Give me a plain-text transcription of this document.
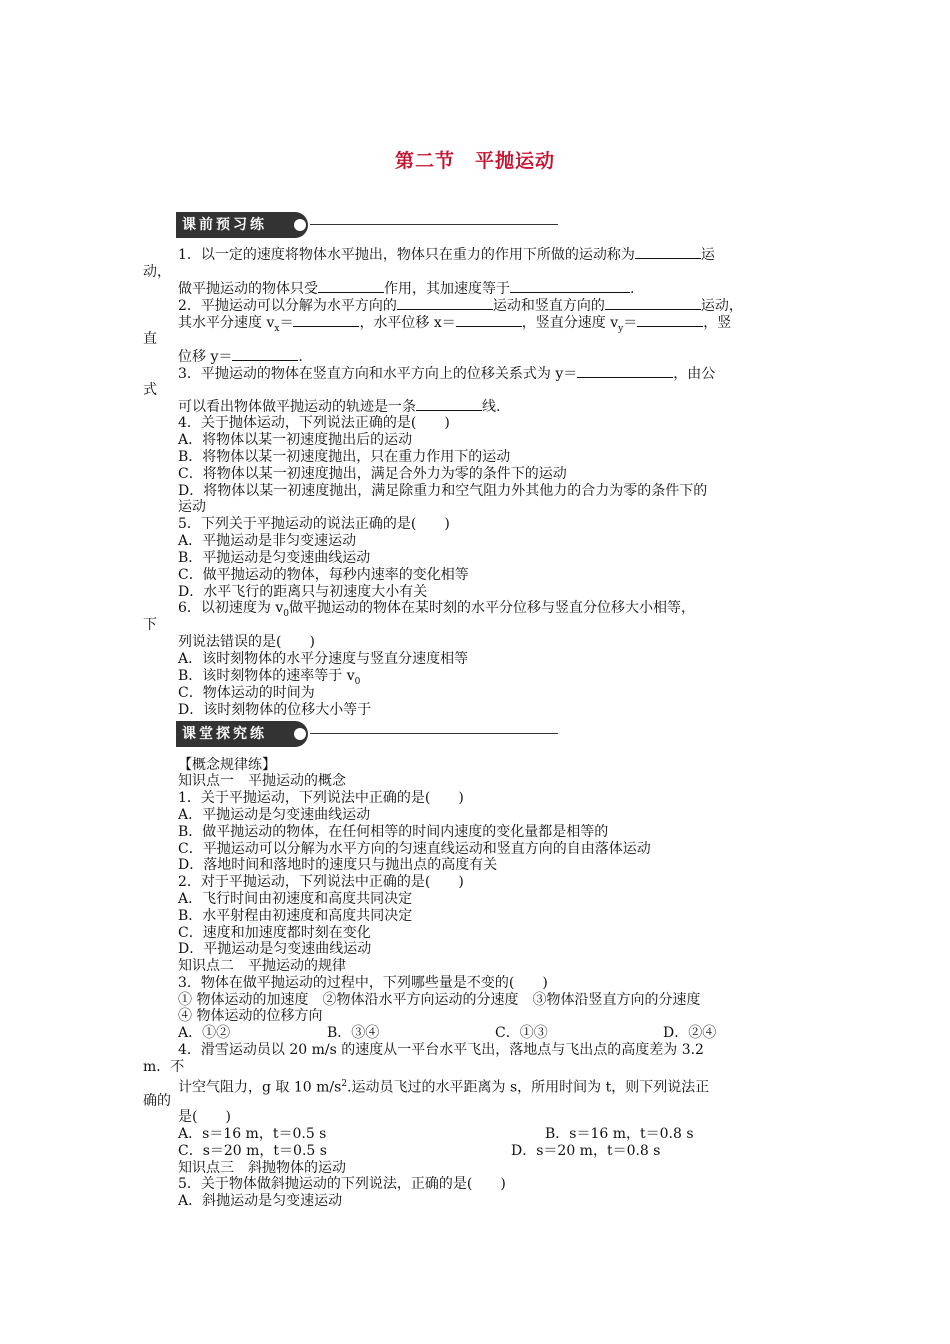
第二节　平抛运动
课前预习练
1．以一定的速度将物体水平抛出，物体只在重力的作用下所做的运动称为	运
动，
做平抛运动的物体只受	作用，其加速度等于	.
2．平抛运动可以分解为水平方向的	运动和竖直方向的	运动，
其水平分速度 $v_x=$	，水平位移 x＝	，竖直分速度 $v_y=$	，竖
直
位移 y＝	.
3．平抛运动的物体在竖直方向和水平方向上的位移关系式为 y＝	，由公
式
可以看出物体做平抛运动的轨迹是一条	线.
4．关于抛体运动，下列说法正确的是(　　)
A．将物体以某一初速度抛出后的运动
B．将物体以某一初速度抛出，只在重力作用下的运动
C．将物体以某一初速度抛出，满足合外力为零的条件下的运动
D．将物体以某一初速度抛出，满足除重力和空气阻力外其他力的合力为零的条件下的
运动
5．下列关于平抛运动的说法正确的是(　　)
A．平抛运动是非匀变速运动
B．平抛运动是匀变速曲线运动
C．做平抛运动的物体，每秒内速率的变化相等
D．水平飞行的距离只与初速度大小有关
6．以初速度为 $v_0$做平抛运动的物体在某时刻的水平分位移与竖直分位移大小相等，
下
列说法错误的是(　　)
A．该时刻物体的水平分速度与竖直分速度相等
B．该时刻物体的速率等于 $v_0$
C．物体运动的时间为
D．该时刻物体的位移大小等于
课堂探究练
【概念规律练】
知识点一　平抛运动的概念
1．关于平抛运动，下列说法中正确的是(　　)
A．平抛运动是匀变速曲线运动
B．做平抛运动的物体，在任何相等的时间内速度的变化量都是相等的
C．平抛运动可以分解为水平方向的匀速直线运动和竖直方向的自由落体运动
D．落地时间和落地时的速度只与抛出点的高度有关
2．对于平抛运动，下列说法中正确的是(　　)
A．飞行时间由初速度和高度共同决定
B．水平射程由初速度和高度共同决定
C．速度和加速度都时刻在变化
D．平抛运动是匀变速曲线运动
知识点二　平抛运动的规律
3．物体在做平抛运动的过程中，下列哪些量是不变的(　　)
① 物体运动的加速度　②物体沿水平方向运动的分速度　③物体沿竖直方向的分速度
④ 物体运动的位移方向
A．①②	B．③④	C．①③	D．②④
4．滑雪运动员以 20 m/s 的速度从一平台水平飞出，落地点与飞出点的高度差为 3.2
m．不
计空气阻力，g 取 10 $m/s^2$.运动员飞过的水平距离为 s，所用时间为 t，则下列说法正
确的
是(　　)
A．s＝16 m，t＝0.5 s	B．s＝16 m，t＝0.8 s
C．s＝20 m，t＝0.5 s	D．s＝20 m，t＝0.8 s
知识点三　斜抛物体的运动
5．关于物体做斜抛运动的下列说法，正确的是(　　)
A．斜抛运动是匀变速运动
